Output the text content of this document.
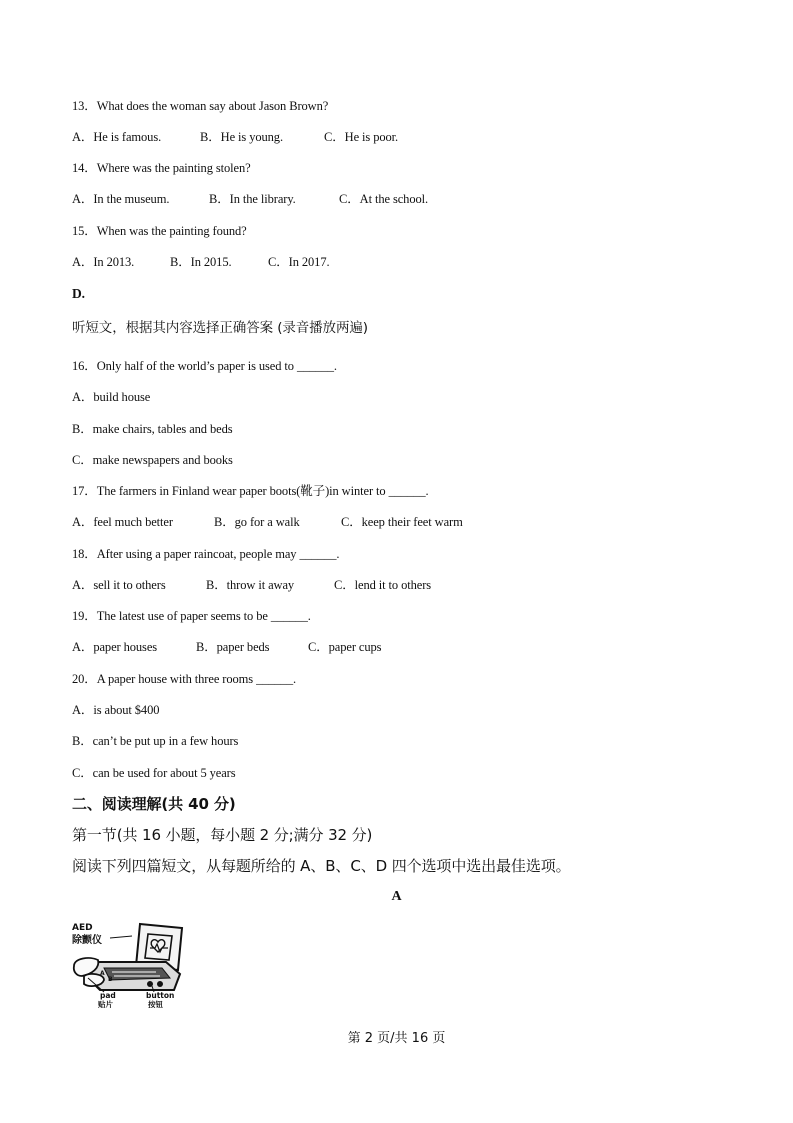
13．What does the woman say about Jason Brown?
A．He is famous.	B．He is young.	C．He is poor.
14．Where was the painting stolen?
A．In the museum.	B．In the library.	C．At the school.
15．When was the painting found?
A．In 2013.	B．In 2015.	C．In 2017.
D.
听短文，根据其内容选择正确答案 (录音播放两遍)
16．Only half of the world’s paper is used to ______.
A．build house
B．make chairs, tables and beds
C．make newspapers and books
17．The farmers in Finland wear paper boots(靴子)in winter to ______.
A．feel much better	B．go for a walk	C．keep their feet warm
18．After using a paper raincoat, people may ______.
A．sell it to others	B．throw it away	C．lend it to others
19．The latest use of paper seems to be ______.
A．paper houses	B．paper beds	C．paper cups
20．A paper house with three rooms ______.
A．is about $400
B．can’t be put up in a few hours
C．can be used for about 5 years
二、阅读理解(共 40 分)
第一节(共 16 小题，每小题 2 分;满分 32 分)
阅读下列四篇短文，从每题所给的 A、B、C、D 四个选项中选出最佳选项。
A
A
B
AED
除颤仪
pad
贴片
button
按钮
第 2 页/共 16 页
